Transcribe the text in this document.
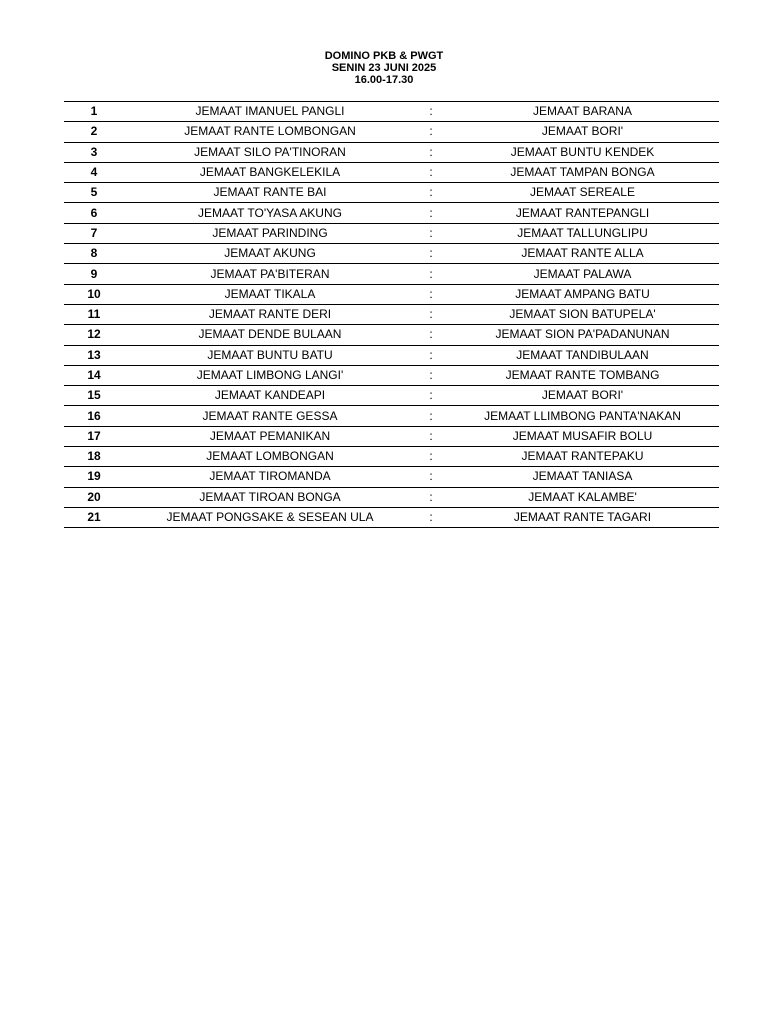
DOMINO PKB & PWGT
SENIN 23 JUNI 2025
16.00-17.30
1	JEMAAT IMANUEL PANGLI	:	JEMAAT BARANA
2	JEMAAT RANTE LOMBONGAN	:	JEMAAT BORI'
3	JEMAAT SILO PA'TINORAN	:	JEMAAT BUNTU KENDEK
4	JEMAAT BANGKELEKILA	:	JEMAAT TAMPAN BONGA
5	JEMAAT RANTE BAI	:	JEMAAT SEREALE
6	JEMAAT TO'YASA AKUNG	:	JEMAAT RANTEPANGLI
7	JEMAAT PARINDING	:	JEMAAT TALLUNGLIPU
8	JEMAAT AKUNG	:	JEMAAT RANTE ALLA
9	JEMAAT PA'BITERAN	:	JEMAAT PALAWA
10	JEMAAT TIKALA	:	JEMAAT AMPANG BATU
11	JEMAAT RANTE DERI	:	JEMAAT SION BATUPELA'
12	JEMAAT DENDE BULAAN	:	JEMAAT SION PA'PADANUNAN
13	JEMAAT BUNTU BATU	:	JEMAAT TANDIBULAAN
14	JEMAAT LIMBONG LANGI'	:	JEMAAT RANTE TOMBANG
15	JEMAAT KANDEAPI	:	JEMAAT BORI'
16	JEMAAT RANTE GESSA	:	JEMAAT LLIMBONG PANTA'NAKAN
17	JEMAAT PEMANIKAN	:	JEMAAT MUSAFIR BOLU
18	JEMAAT LOMBONGAN	:	JEMAAT RANTEPAKU
19	JEMAAT TIROMANDA	:	JEMAAT TANIASA
20	JEMAAT TIROAN BONGA	:	JEMAAT KALAMBE'
21	JEMAAT PONGSAKE & SESEAN ULA	:	JEMAAT RANTE TAGARI
